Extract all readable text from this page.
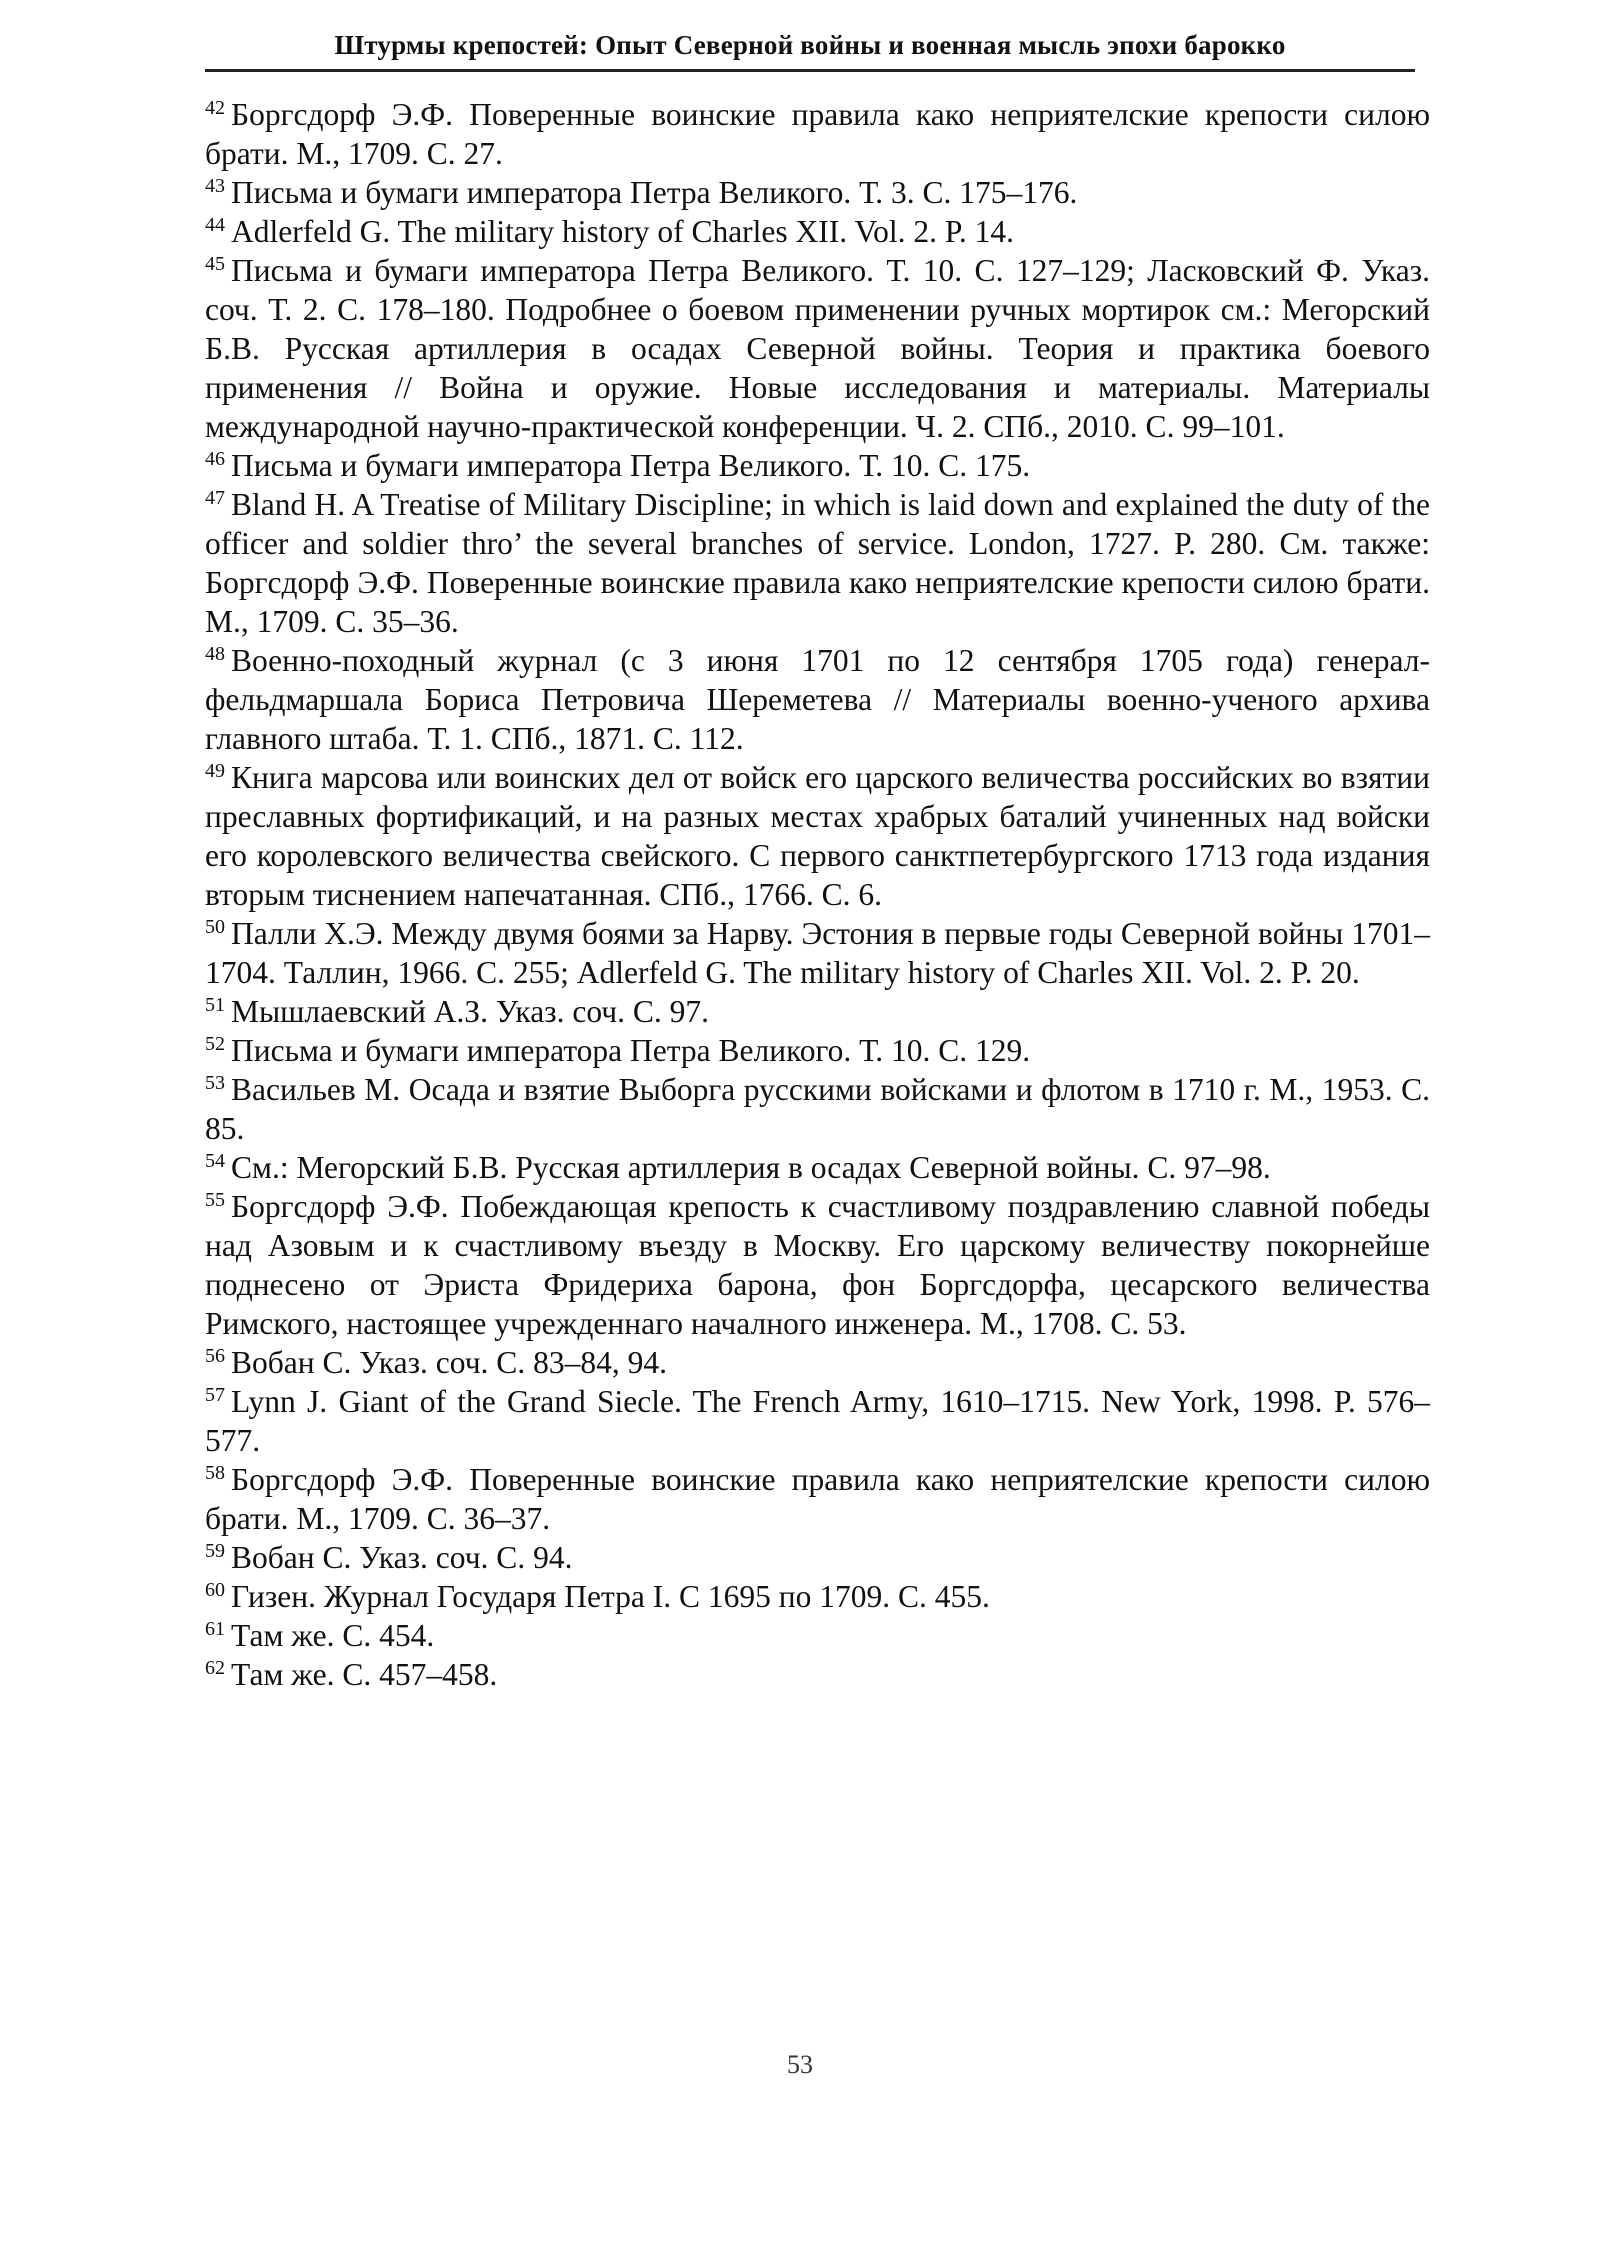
Штурмы крепостей: Опыт Северной войны и военная мысль эпохи барокко

$^{42}$ Боргсдорф Э.Ф. Поверенные воинские правила како неприятелские крепости силою брати. М., 1709. С. 27.

$^{43}$ Письма и бумаги императора Петра Великого. Т. 3. С. 175–176.

$^{44}$ Adlerfeld G. The military history of Charles XII. Vol. 2. P. 14.

$^{45}$ Письма и бумаги императора Петра Великого. Т. 10. С. 127–129; Ласковский Ф. Указ. соч. Т. 2. С. 178–180. Подробнее о боевом применении ручных мортирок см.: Мегорский Б.В. Русская артиллерия в осадах Северной войны. Теория и практика боевого применения // Война и оружие. Новые исследования и материалы. Материалы международной научно-практической конференции. Ч. 2. СПб., 2010. С. 99–101.

$^{46}$ Письма и бумаги императора Петра Великого. Т. 10. С. 175.

$^{47}$ Bland H. A Treatise of Military Discipline; in which is laid down and explained the duty of the officer and soldier thro’ the several branches of service. London, 1727. P. 280. См. также: Боргсдорф Э.Ф. Поверенные воинские правила како неприятелские крепости силою брати. М., 1709. С. 35–36.

$^{48}$ Военно-походный журнал (с 3 июня 1701 по 12 сентября 1705 года) генерал-фельдмаршала Бориса Петровича Шереметева // Материалы военно-ученого архива главного штаба. Т. 1. СПб., 1871. С. 112.

$^{49}$ Книга марсова или воинских дел от войск его царского величества российских во взятии преславных фортификаций, и на разных местах храбрых баталий учиненных над войски его королевского величества свейского. С первого санктпетербургского 1713 года издания вторым тиснением напечатанная. СПб., 1766. С. 6.

$^{50}$ Палли Х.Э. Между двумя боями за Нарву. Эстония в первые годы Северной войны 1701–1704. Таллин, 1966. С. 255; Adlerfeld G. The military history of Charles XII. Vol. 2. P. 20.

$^{51}$ Мышлаевский А.З. Указ. соч. С. 97.

$^{52}$ Письма и бумаги императора Петра Великого. Т. 10. С. 129.

$^{53}$ Васильев М. Осада и взятие Выборга русскими войсками и флотом в 1710 г. М., 1953. С. 85.

$^{54}$ См.: Мегорский Б.В. Русская артиллерия в осадах Северной войны. С. 97–98.

$^{55}$ Боргсдорф Э.Ф. Побеждающая крепость к счастливому поздравлению славной победы над Азовым и к счастливому въезду в Москву. Его царскому величеству покорнейше поднесено от Эриста Фридериха барона, фон Боргсдорфа, цесарского величества Римского, настоящее учрежденнаго началного инженера. М., 1708. С. 53.

$^{56}$ Вобан С. Указ. соч. С. 83–84, 94.

$^{57}$ Lynn J. Giant of the Grand Siecle. The French Army, 1610–1715. New York, 1998. P. 576–577.

$^{58}$ Боргсдорф Э.Ф. Поверенные воинские правила како неприятелские крепости силою брати. М., 1709. С. 36–37.

$^{59}$ Вобан С. Указ. соч. С. 94.

$^{60}$ Гизен. Журнал Государя Петра I. С 1695 по 1709. С. 455.

$^{61}$ Там же. С. 454.

$^{62}$ Там же. С. 457–458.

53
